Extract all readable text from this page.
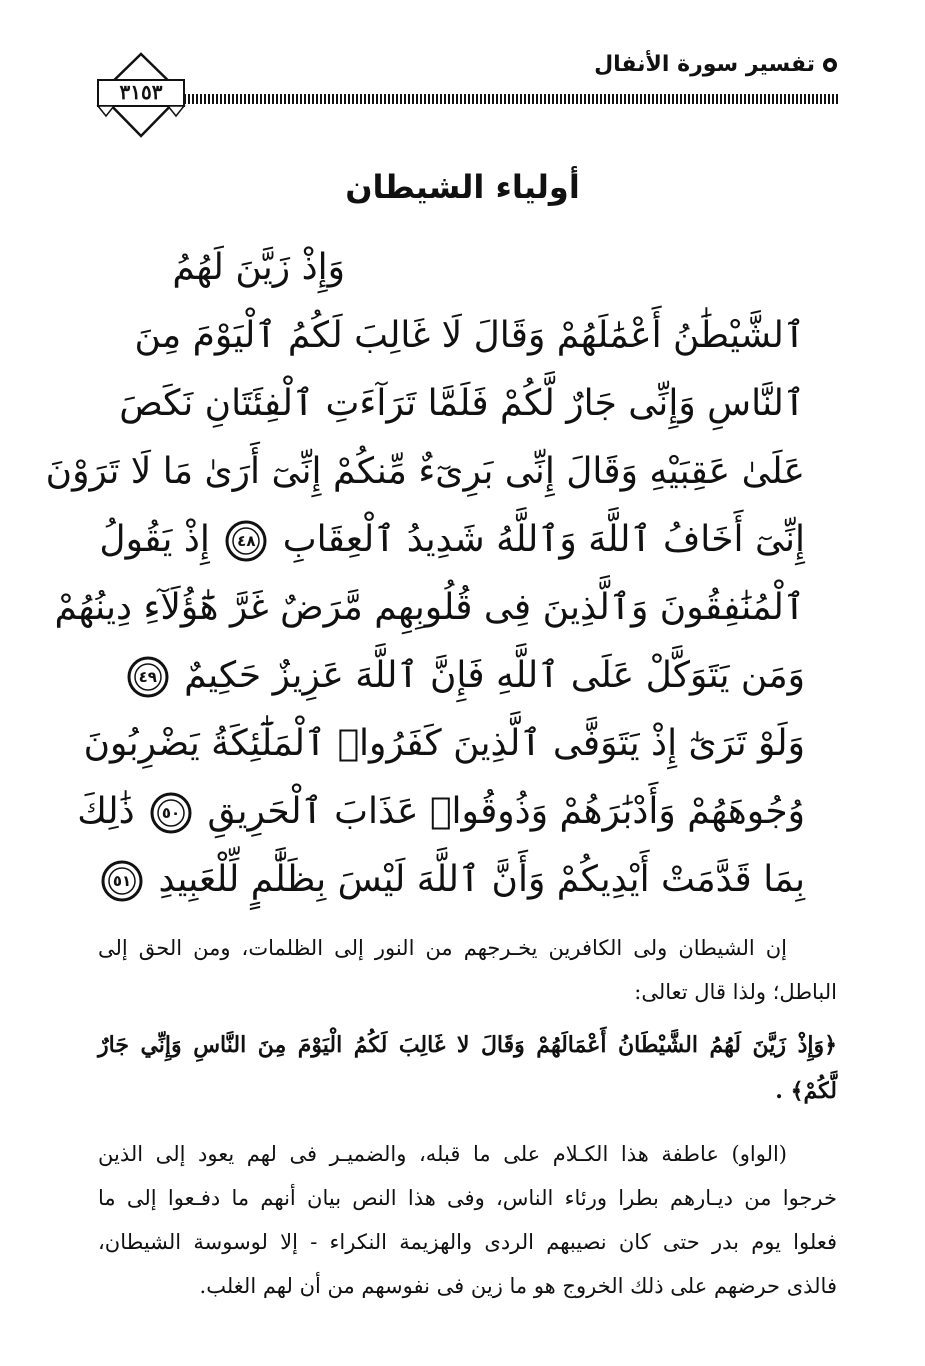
تفسير سورة الأنفال
٣١٥٣
أولياء الشيطان
وَإِذْ زَيَّنَ لَهُمُ
ٱلشَّيْطَٰنُ أَعْمَٰلَهُمْ وَقَالَ لَا غَالِبَ لَكُمُ ٱلْيَوْمَ مِنَ
ٱلنَّاسِ وَإِنِّى جَارٌ لَّكُمْ فَلَمَّا تَرَآءَتِ ٱلْفِئَتَانِ نَكَصَ
عَلَىٰ عَقِبَيْهِ وَقَالَ إِنِّى بَرِىٓءٌ مِّنكُمْ إِنِّىٓ أَرَىٰ مَا لَا تَرَوْنَ
إِنِّىٓ أَخَافُ ٱللَّهَ وَٱللَّهُ شَدِيدُ ٱلْعِقَابِ
٤٨
إِذْ يَقُولُ
ٱلْمُنَٰفِقُونَ وَٱلَّذِينَ فِى قُلُوبِهِم مَّرَضٌ غَرَّ هَٰٓؤُلَآءِ دِينُهُمْ
وَمَن يَتَوَكَّلْ عَلَى ٱللَّهِ فَإِنَّ ٱللَّهَ عَزِيزٌ حَكِيمٌ
٤٩
وَلَوْ تَرَىٰٓ إِذْ يَتَوَفَّى ٱلَّذِينَ كَفَرُوا۟ ٱلْمَلَٰٓئِكَةُ يَضْرِبُونَ
وُجُوهَهُمْ وَأَدْبَٰرَهُمْ وَذُوقُوا۟ عَذَابَ ٱلْحَرِيقِ
٥٠
ذَٰلِكَ
بِمَا قَدَّمَتْ أَيْدِيكُمْ وَأَنَّ ٱللَّهَ لَيْسَ بِظَلَّٰمٍ لِّلْعَبِيدِ
٥١
إن الشيطان ولى الكافرين يخـرجهم من النور إلى الظلمات، ومن الحق إلى
الباطل؛ ولذا قال تعالى:
﴿وَإِذْ زَيَّنَ لَهُمُ الشَّيْطَانُ أَعْمَالَهُمْ وَقَالَ لا غَالِبَ لَكُمُ الْيَوْمَ مِنَ النَّاسِ وَإِنِّي جَارٌ
لَّكُمْ﴾ .
(الواو) عاطفة هذا الكـلام على ما قبله، والضميـر فى لهم يعود إلى الذين
خرجوا من ديـارهم بطرا ورئاء الناس، وفى هذا النص بيان أنهم ما دفـعوا إلى ما
فعلوا يوم بدر حتى كان نصيبهم الردى والهزيمة النكراء - إلا لوسوسة الشيطان،
فالذى حرضهم على ذلك الخروج هو ما زين فى نفوسهم من أن لهم الغلب.
